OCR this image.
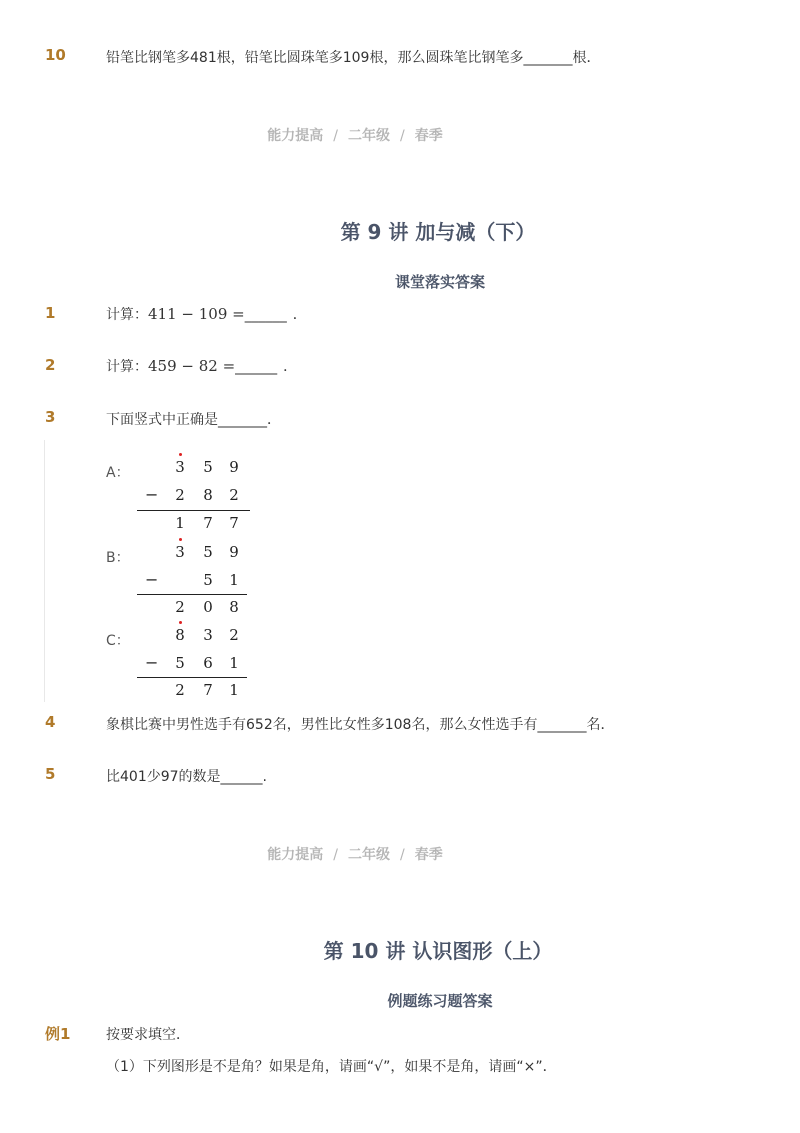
10	铅笔比钢笔多481根，铅笔比圆珠笔多109根，那么圆珠笔比钢笔多_______根．
能力提高 / 二年级 / 春季
第 9 讲 加与减（下）
课堂落实答案
1	计算：411 − 109 =______ ．
2	计算：459 − 82 =______ ．
3	下面竖式中正确是_______．
A：	3 5 9
− 2 8 2
1 7 7
B：	3 5 9
−	5 1
2 0 8
C：	8 3 2
− 5 6 1
2 7 1
4	象棋比赛中男性选手有652名，男性比女性多108名，那么女性选手有_______名．
5	比401少97的数是______.
能力提高 / 二年级 / 春季
第 10 讲 认识图形（上）
例题练习题答案
例1	按要求填空．
（1）下列图形是不是角？如果是角，请画“√”，如果不是角，请画“×”．
